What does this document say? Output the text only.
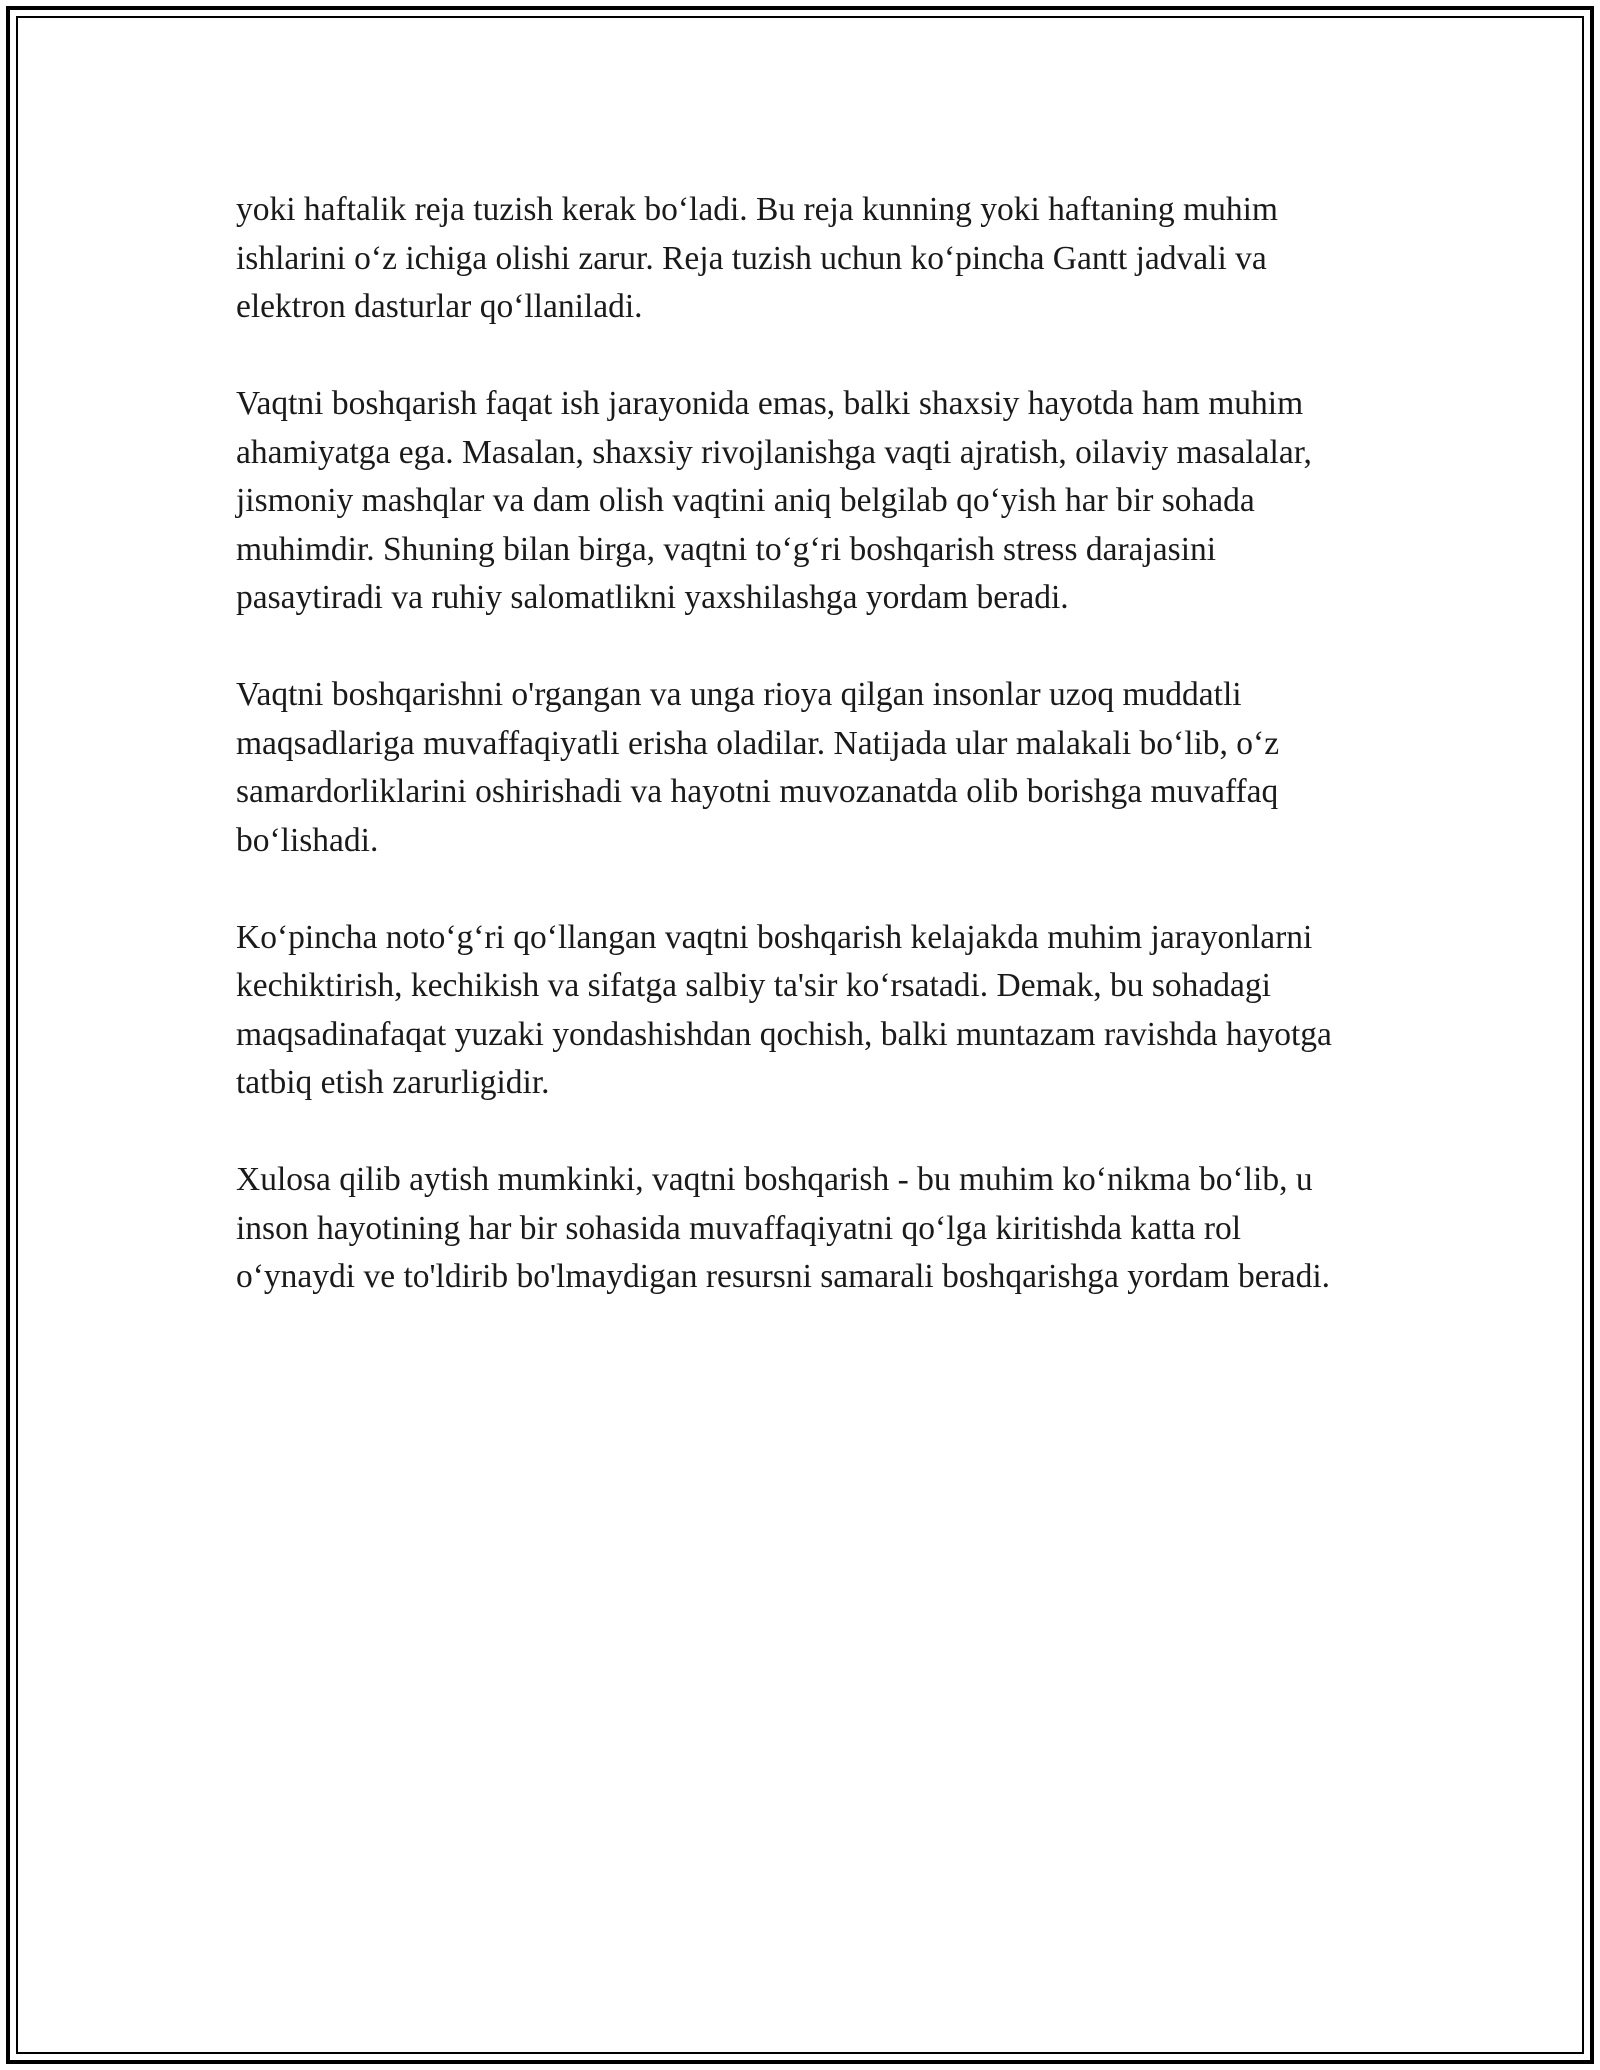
yoki haftalik reja tuzish kerak bo‘ladi. Bu reja kunning yoki haftaning muhim ishlarini o‘z ichiga olishi zarur. Reja tuzish uchun ko‘pincha Gantt jadvali va elektron dasturlar qo‘llaniladi.

Vaqtni boshqarish faqat ish jarayonida emas, balki shaxsiy hayotda ham muhim ahamiyatga ega. Masalan, shaxsiy rivojlanishga vaqti ajratish, oilaviy masalalar, jismoniy mashqlar va dam olish vaqtini aniq belgilab qo‘yish har bir sohada muhimdir. Shuning bilan birga, vaqtni to‘g‘ri boshqarish stress darajasini pasaytiradi va ruhiy salomatlikni yaxshilashga yordam beradi.

Vaqtni boshqarishni o'rgangan va unga rioya qilgan insonlar uzoq muddatli maqsadlariga muvaffaqiyatli erisha oladilar. Natijada ular malakali bo‘lib, o‘z samardorliklarini oshirishadi va hayotni muvozanatda olib borishga muvaffaq bo‘lishadi.

Ko‘pincha noto‘g‘ri qo‘llangan vaqtni boshqarish kelajakda muhim jarayonlarni kechiktirish, kechikish va sifatga salbiy ta'sir ko‘rsatadi. Demak, bu sohadagi maqsadinafaqat yuzaki yondashishdan qochish, balki muntazam ravishda hayotga tatbiq etish zarurligidir.

Xulosa qilib aytish mumkinki, vaqtni boshqarish - bu muhim ko‘nikma bo‘lib, u inson hayotining har bir sohasida muvaffaqiyatni qo‘lga kiritishda katta rol o‘ynaydi ve to'ldirib bo'lmaydigan resursni samarali boshqarishga yordam beradi.
